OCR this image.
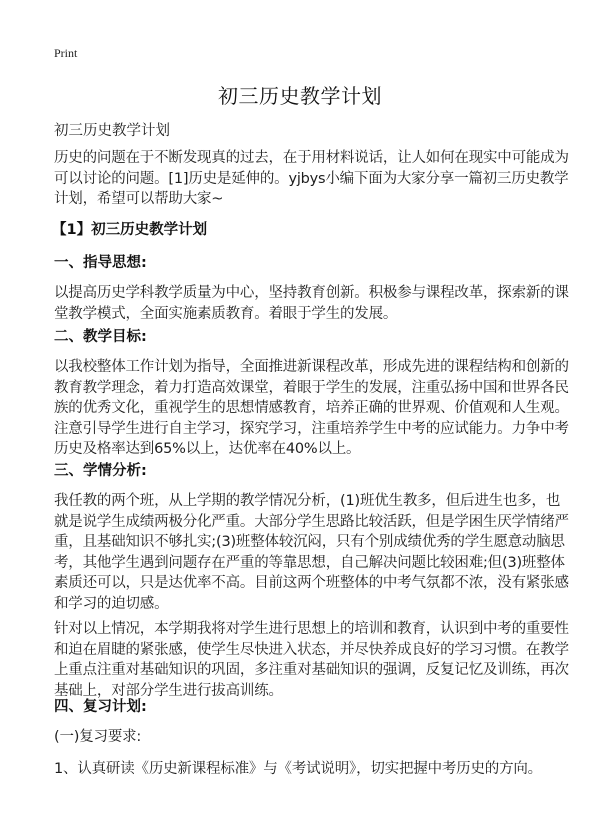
Print
初三历史教学计划
初三历史教学计划
历史的问题在于不断发现真的过去，在于用材料说话，让人如何在现实中可能成为
可以讨论的问题。[1]历史是延伸的。yjbys小编下面为大家分享一篇初三历史教学
计划，希望可以帮助大家~
【1】初三历史教学计划
一、指导思想:
以提高历史学科教学质量为中心，坚持教育创新。积极参与课程改革，探索新的课
堂教学模式，全面实施素质教育。着眼于学生的发展。
二、教学目标:
以我校整体工作计划为指导，全面推进新课程改革，形成先进的课程结构和创新的
教育教学理念，着力打造高效课堂，着眼于学生的发展，注重弘扬中国和世界各民
族的优秀文化，重视学生的思想情感教育，培养正确的世界观、价值观和人生观。
注意引导学生进行自主学习，探究学习，注重培养学生中考的应试能力。力争中考
历史及格率达到65%以上，达优率在40%以上。
三、学情分析:
我任教的两个班，从上学期的教学情况分析，(1)班优生教多，但后进生也多，也
就是说学生成绩两极分化严重。大部分学生思路比较活跃，但是学困生厌学情绪严
重，且基础知识不够扎实;(3)班整体较沉闷，只有个别成绩优秀的学生愿意动脑思
考，其他学生遇到问题存在严重的等靠思想，自己解决问题比较困难;但(3)班整体
素质还可以，只是达优率不高。目前这两个班整体的中考气氛都不浓，没有紧张感
和学习的迫切感。
针对以上情况，本学期我将对学生进行思想上的培训和教育，认识到中考的重要性
和迫在眉睫的紧张感，使学生尽快进入状态，并尽快养成良好的学习习惯。在教学
上重点注重对基础知识的巩固，多注重对基础知识的强调，反复记忆及训练，再次
基础上，对部分学生进行拔高训练。
四、复习计划:
(一)复习要求:
1、认真研读《历史新课程标准》与《考试说明》，切实把握中考历史的方向。
